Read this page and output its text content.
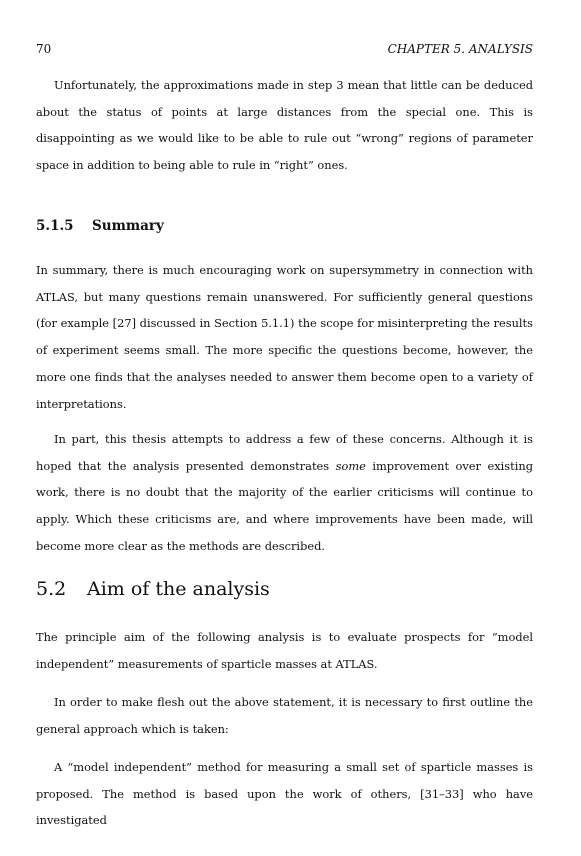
70	CHAPTER 5. ANALYSIS

Unfortunately, the approximations made in step 3 mean that little can be deduced about the status of points at large distances from the special one. This is disappointing as we would like to be able to rule out “wrong” regions of parameter space in addition to being able to rule in “right” ones.

5.1.5 Summary

In summary, there is much encouraging work on supersymmetry in connection with ATLAS, but many questions remain unanswered. For sufficiently general questions (for example [27] discussed in Section 5.1.1) the scope for misinterpreting the results of experiment seems small. The more specific the questions become, however, the more one finds that the analyses needed to answer them become open to a variety of interpretations.

In part, this thesis attempts to address a few of these concerns. Although it is hoped that the analysis presented demonstrates some improvement over existing work, there is no doubt that the majority of the earlier criticisms will continue to apply. Which these criticisms are, and where improvements have been made, will become more clear as the methods are described.

5.2 Aim of the analysis

The principle aim of the following analysis is to evaluate prospects for “model independent” measurements of sparticle masses at ATLAS.

In order to make flesh out the above statement, it is necessary to first outline the general approach which is taken:

A “model independent” method for measuring a small set of sparticle masses is proposed. The method is based upon the work of others, [31–33] who have investigated
